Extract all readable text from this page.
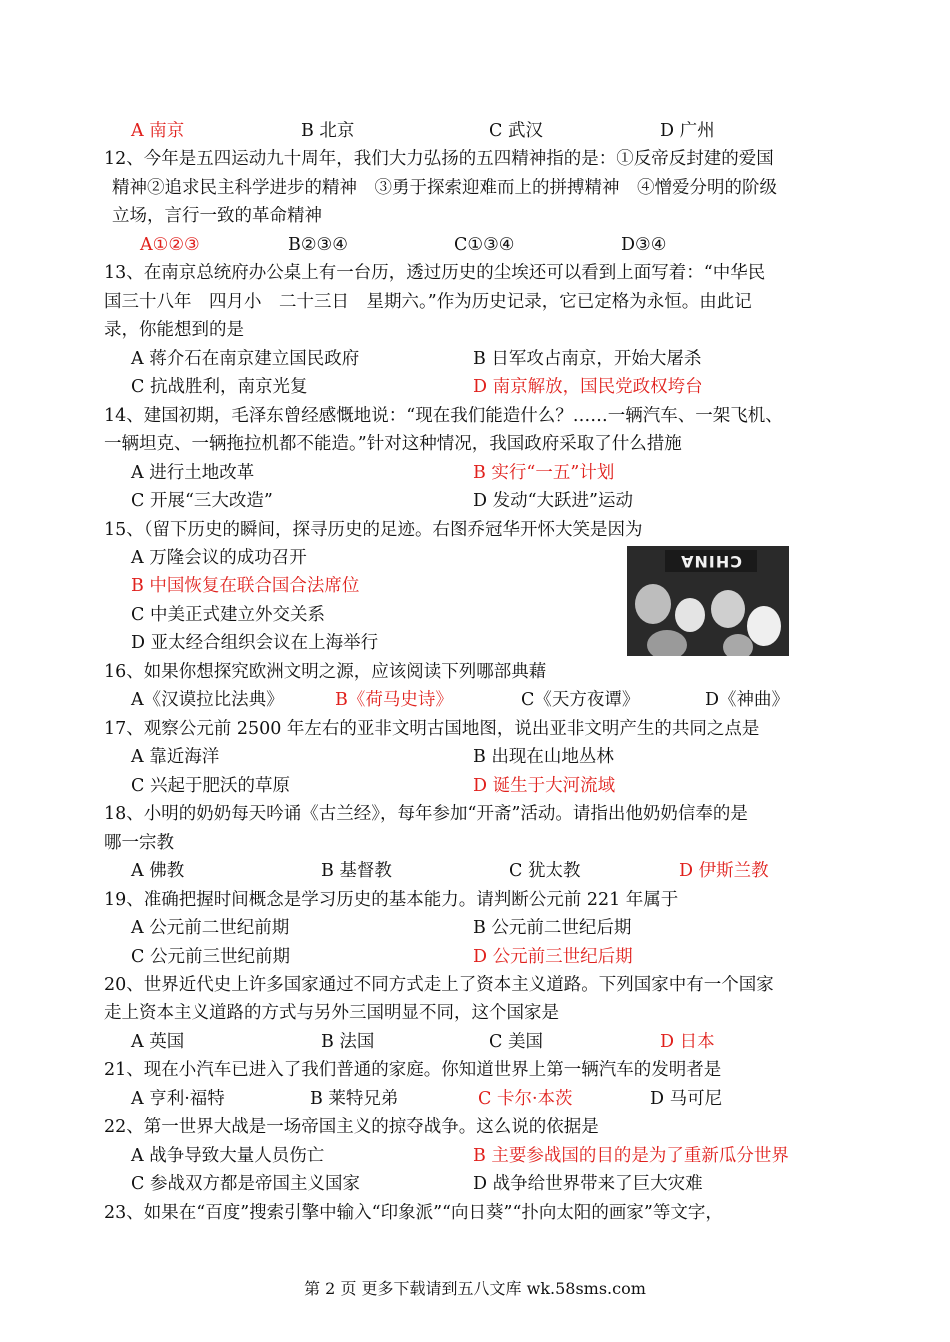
A 南京	B 北京	C 武汉	D 广州
12、今年是五四运动九十周年，我们大力弘扬的五四精神指的是：①反帝反封建的爱国
精神②追求民主科学进步的精神　③勇于探索迎难而上的拼搏精神　④憎爱分明的阶级
立场，言行一致的革命精神
A①②③	B②③④	C①③④	D③④
13、在南京总统府办公桌上有一台历，透过历史的尘埃还可以看到上面写着：“中华民
国三十八年　四月小　二十三日　星期六。”作为历史记录，它已定格为永恒。由此记
录，你能想到的是
A 蒋介石在南京建立国民政府	B 日军攻占南京，开始大屠杀
C 抗战胜利，南京光复	D 南京解放，国民党政权垮台
14、建国初期，毛泽东曾经感慨地说：“现在我们能造什么？……一辆汽车、一架飞机、
一辆坦克、一辆拖拉机都不能造。”针对这种情况，我国政府采取了什么措施
A 进行土地改革	B 实行“一五”计划
C 开展“三大改造”	D 发动“大跃进”运动
15、（留下历史的瞬间，探寻历史的足迹。右图乔冠华开怀大笑是因为
A 万隆会议的成功召开
B 中国恢复在联合国合法席位
C 中美正式建立外交关系
D 亚太经合组织会议在上海举行
16、如果你想探究欧洲文明之源，应该阅读下列哪部典藉
A《汉谟拉比法典》	B《荷马史诗》	C《天方夜谭》	D《神曲》
17、观察公元前 2500 年左右的亚非文明古国地图，说出亚非文明产生的共同之点是
A 靠近海洋	B 出现在山地丛林
C 兴起于肥沃的草原	D 诞生于大河流域
18、小明的奶奶每天吟诵《古兰经》，每年参加“开斋”活动。请指出他奶奶信奉的是
哪一宗教
A 佛教	B 基督教	C 犹太教	D 伊斯兰教
19、准确把握时间概念是学习历史的基本能力。请判断公元前 221 年属于
A 公元前二世纪前期	B 公元前二世纪后期
C 公元前三世纪前期	D 公元前三世纪后期
20、世界近代史上许多国家通过不同方式走上了资本主义道路。下列国家中有一个国家
走上资本主义道路的方式与另外三国明显不同，这个国家是
A 英国	B 法国	C 美国	D 日本
21、现在小汽车已进入了我们普通的家庭。你知道世界上第一辆汽车的发明者是
A 亨利·福特	B 莱特兄弟	C 卡尔·本茨	D 马可尼
22、第一世界大战是一场帝国主义的掠夺战争。这么说的依据是
A 战争导致大量人员伤亡	B 主要参战国的目的是为了重新瓜分世界
C 参战双方都是帝国主义国家	D 战争给世界带来了巨大灾难
23、如果在“百度”搜索引擎中输入“印象派”“向日葵”“扑向太阳的画家”等文字，
CHINA
第 2 页 更多下载请到五八文库 wk.58sms.com
